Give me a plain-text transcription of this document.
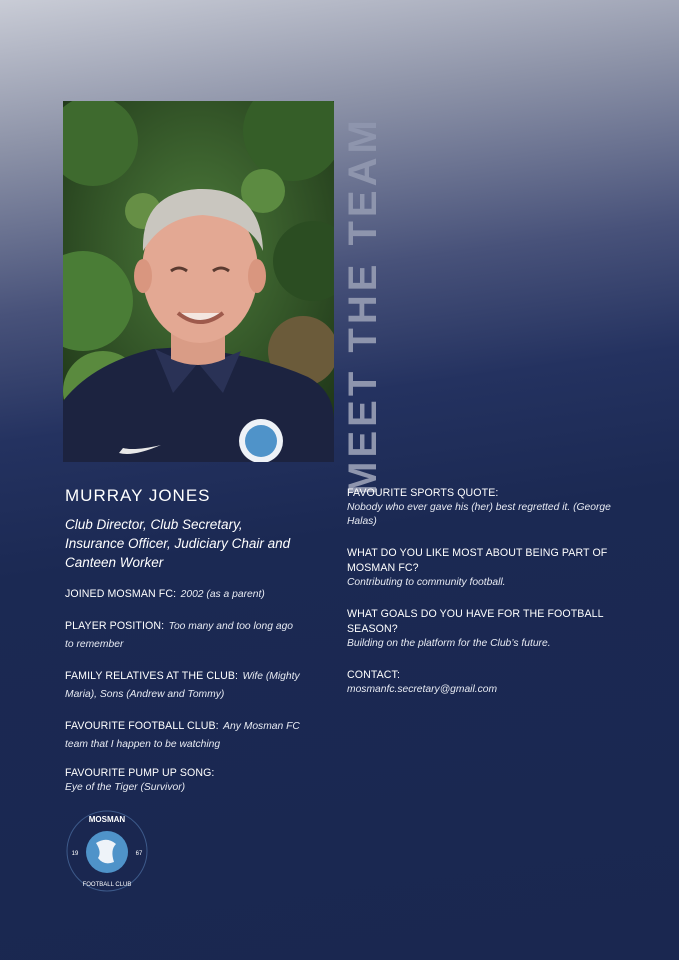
MEET THE TEAM
MURRAY JONES
Club Director, Club Secretary, Insurance Officer, Judiciary Chair and Canteen Worker
JOINED MOSMAN FC: 2002 (as a parent)
PLAYER POSITION: Too many and too long ago to remember
FAMILY RELATIVES AT THE CLUB: Wife (Mighty Maria), Sons (Andrew and Tommy)
FAVOURITE FOOTBALL CLUB: Any Mosman FC team that I happen to be watching
FAVOURITE PUMP UP SONG:
Eye of the Tiger (Survivor)
FAVOURITE SPORTS QUOTE:
Nobody who ever gave his (her) best regretted it. (George Halas)
WHAT DO YOU LIKE MOST ABOUT BEING PART OF MOSMAN FC?
Contributing to community football.
WHAT GOALS DO YOU HAVE FOR THE FOOTBALL SEASON?
Building on the platform for the Club’s future.
CONTACT:
mosmanfc.secretary@gmail.com
MOSMAN
FOOTBALL CLUB
19	67
